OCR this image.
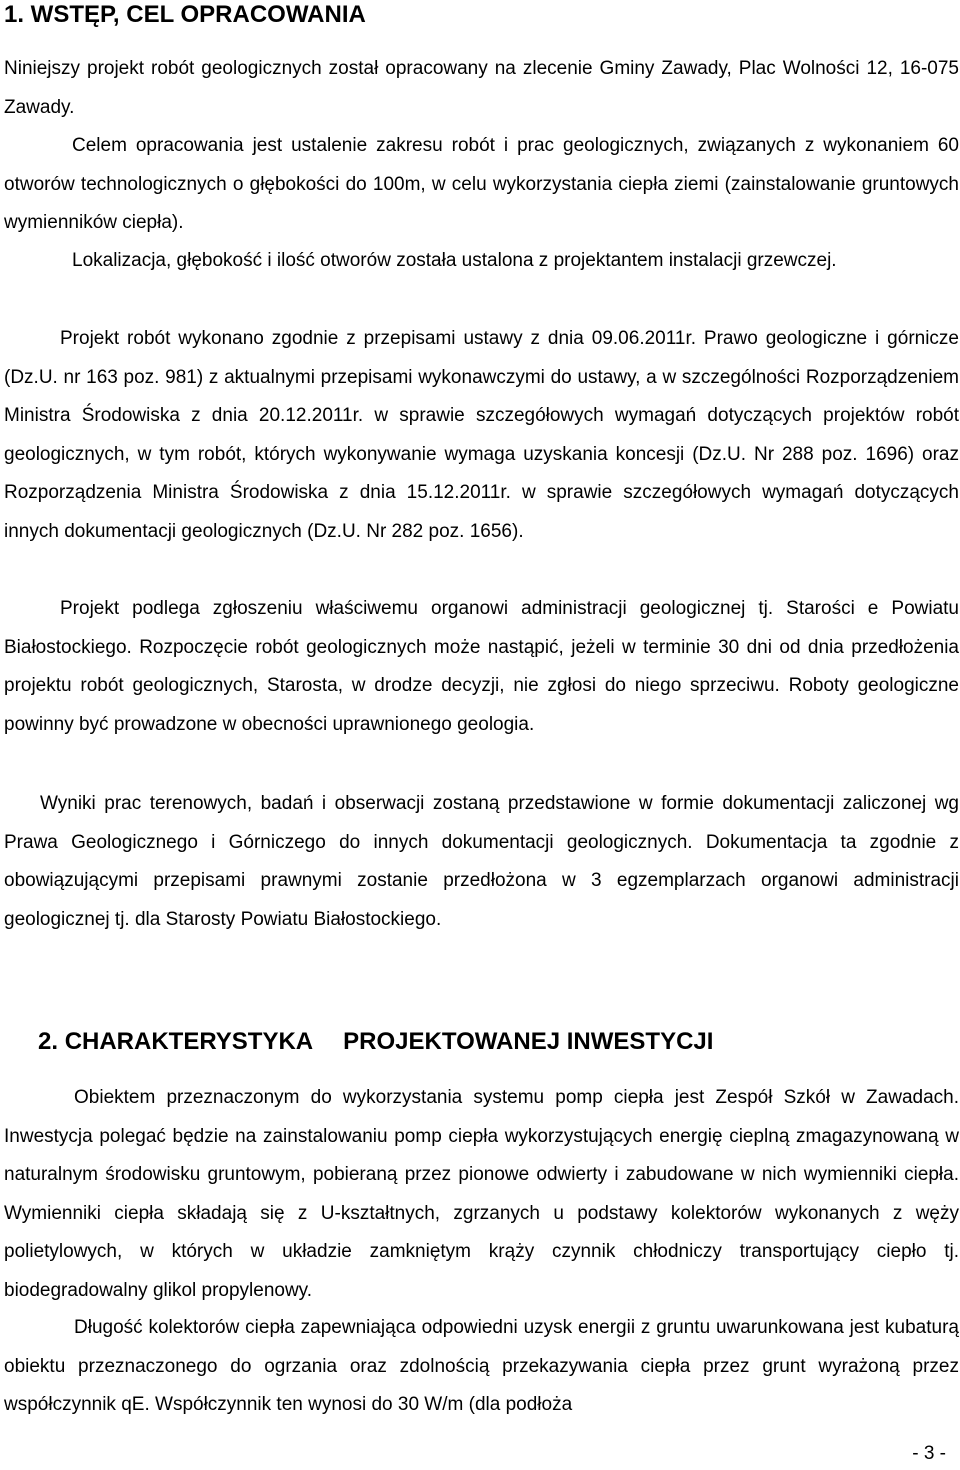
1. WSTĘP, CEL OPRACOWANIA

Niniejszy projekt robót geologicznych został opracowany na zlecenie Gminy Zawady, Plac Wolności 12, 16-075 Zawady.

Celem opracowania jest ustalenie zakresu robót i prac geologicznych, związanych z wykonaniem 60 otworów technologicznych o głębokości do 100m, w celu wykorzystania ciepła ziemi (zainstalowanie gruntowych wymienników ciepła).

Lokalizacja, głębokość i ilość otworów została ustalona z projektantem instalacji grzewczej.

Projekt robót wykonano zgodnie z przepisami ustawy z dnia 09.06.2011r. Prawo geologiczne i górnicze (Dz.U. nr 163 poz. 981) z aktualnymi przepisami wykonawczymi do ustawy, a w szczególności Rozporządzeniem Ministra Środowiska z dnia 20.12.2011r. w sprawie szczegółowych wymagań dotyczących projektów robót geologicznych, w tym robót, których wykonywanie wymaga uzyskania koncesji (Dz.U. Nr 288 poz. 1696) oraz Rozporządzenia Ministra Środowiska z dnia 15.12.2011r. w sprawie szczegółowych wymagań dotyczących innych dokumentacji geologicznych (Dz.U. Nr 282 poz. 1656).

Projekt podlega zgłoszeniu właściwemu organowi administracji geologicznej tj. Starości e Powiatu Białostockiego. Rozpoczęcie robót geologicznych może nastąpić, jeżeli w terminie 30 dni od dnia przedłożenia projektu robót geologicznych, Starosta, w drodze decyzji, nie zgłosi do niego sprzeciwu. Roboty geologiczne powinny być prowadzone w obecności uprawnionego geologia.

Wyniki prac terenowych, badań i obserwacji zostaną przedstawione w formie dokumentacji zaliczonej wg Prawa Geologicznego i Górniczego do innych dokumentacji geologicznych. Dokumentacja ta zgodnie z obowiązującymi przepisami prawnymi zostanie przedłożona w 3 egzemplarzach organowi administracji geologicznej tj. dla Starosty Powiatu Białostockiego.

2. CHARAKTERYSTYKA PROJEKTOWANEJ INWESTYCJI

Obiektem przeznaczonym do wykorzystania systemu pomp ciepła jest Zespół Szkół w Zawadach. Inwestycja polegać będzie na zainstalowaniu pomp ciepła wykorzystujących energię cieplną zmagazynowaną w naturalnym środowisku gruntowym, pobieraną przez pionowe odwierty i zabudowane w nich wymienniki ciepła. Wymienniki ciepła składają się z U-kształtnych, zgrzanych u podstawy kolektorów wykonanych z węży polietylowych, w których w układzie zamkniętym krąży czynnik chłodniczy transportujący ciepło tj. biodegradowalny glikol propylenowy.

Długość kolektorów ciepła zapewniająca odpowiedni uzysk energii z gruntu uwarunkowana jest kubaturą obiektu przeznaczonego do ogrzania oraz zdolnością przekazywania ciepła przez grunt wyrażoną przez współczynnik qE. Współczynnik ten wynosi do 30 W/m (dla podłoża

- 3 -
